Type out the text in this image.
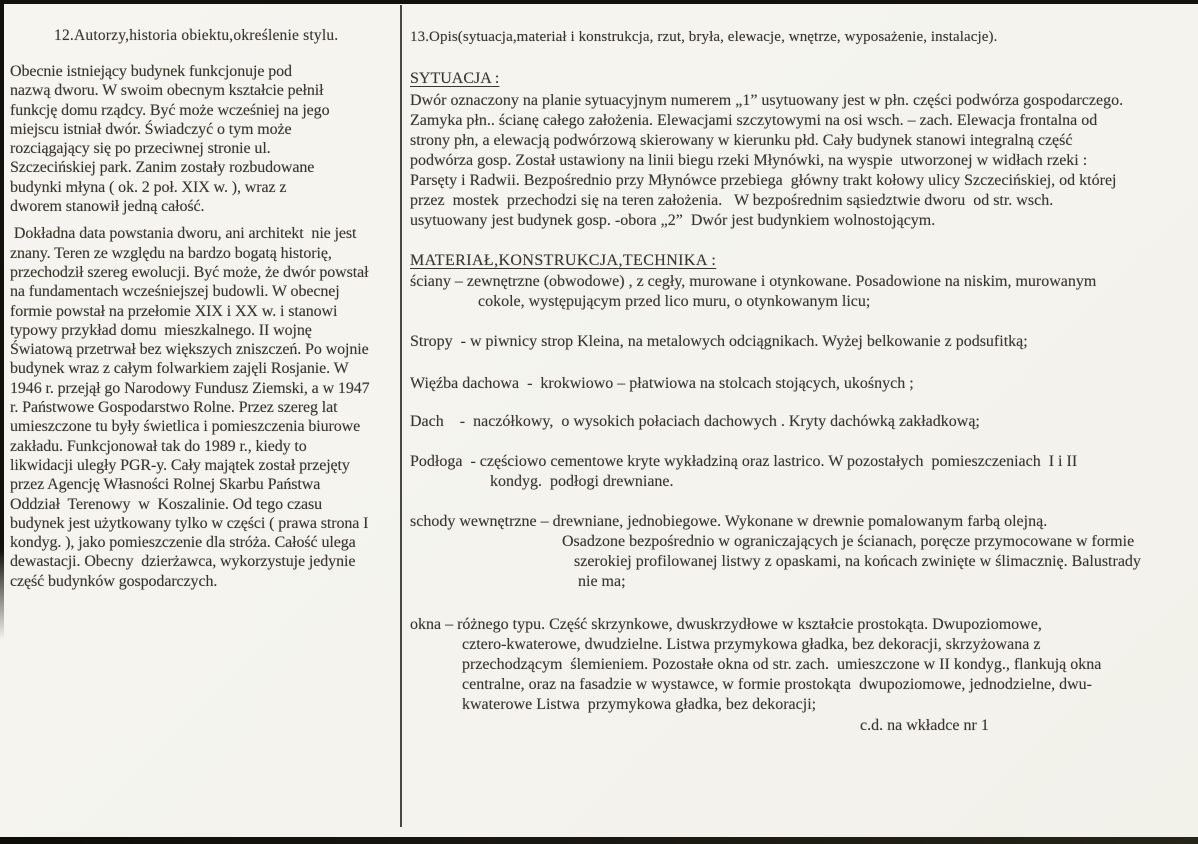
12.Autorzy,historia obiektu,określenie stylu.
Obecnie istniejący budynek funkcjonuje pod
nazwą dworu. W swoim obecnym kształcie pełnił
funkcję domu rządcy. Być może wcześniej na jego
miejscu istniał dwór. Świadczyć o tym może
rozciągający się po przeciwnej stronie ul.
Szczecińskiej park. Zanim zostały rozbudowane
budynki młyna ( ok. 2 poł. XIX w. ), wraz z
dworem stanowił jedną całość.
Dokładna data powstania dworu, ani architekt  nie jest
znany. Teren ze względu na bardzo bogatą historię,
przechodził szereg ewolucji. Być może, że dwór powstał
na fundamentach wcześniejszej budowli. W obecnej
formie powstał na przełomie XIX i XX w. i stanowi
typowy przykład domu  mieszkalnego. II wojnę
Światową przetrwał bez większych zniszczeń. Po wojnie
budynek wraz z całym folwarkiem zajęli Rosjanie. W
1946 r. przejął go Narodowy Fundusz Ziemski, a w 1947
r. Państwowe Gospodarstwo Rolne. Przez szereg lat
umieszczone tu były świetlica i pomieszczenia biurowe
zakładu. Funkcjonował tak do 1989 r., kiedy to
likwidacji uległy PGR-y. Cały majątek został przejęty
przez Agencję Własności Rolnej Skarbu Państwa
Oddział  Terenowy  w  Koszalinie. Od tego czasu
budynek jest użytkowany tylko w części ( prawa strona I
kondyg. ), jako pomieszczenie dla stróża. Całość ulega
dewastacji. Obecny  dzierżawca, wykorzystuje jedynie
część budynków gospodarczych.
13.Opis(sytuacja,materiał i konstrukcja, rzut, bryła, elewacje, wnętrze, wyposażenie, instalacje).
SYTUACJA :
Dwór oznaczony na planie sytuacyjnym numerem „1” usytuowany jest w płn. części podwórza gospodarczego.
Zamyka płn.. ścianę całego założenia. Elewacjami szczytowymi na osi wsch. – zach. Elewacja frontalna od
strony płn, a elewacją podwórzową skierowany w kierunku płd. Cały budynek stanowi integralną część
podwórza gosp. Został ustawiony na linii biegu rzeki Młynówki, na wyspie  utworzonej w widłach rzeki :
Parsęty i Radwii. Bezpośrednio przy Młynówce przebiega  główny trakt kołowy ulicy Szczecińskiej, od której
przez  mostek  przechodzi się na teren założenia.   W bezpośrednim sąsiedztwie dworu  od str. wsch.
usytuowany jest budynek gosp. -obora „2”  Dwór jest budynkiem wolnostojącym.
MATERIAŁ,KONSTRUKCJA,TECHNIKA :
ściany – zewnętrzne (obwodowe) , z cegły, murowane i otynkowane. Posadowione na niskim, murowanym
cokole, występującym przed lico muru, o otynkowanym licu;
Stropy  - w piwnicy strop Kleina, na metalowych odciągnikach. Wyżej belkowanie z podsufitką;
Więźba dachowa  -  krokwiowo – płatwiowa na stolcach stojących, ukośnych ;
Dach    -  naczółkowy,  o wysokich połaciach dachowych . Kryty dachówką zakładkową;
Podłoga  - częściowo cementowe kryte wykładziną oraz lastrico. W pozostałych  pomieszczeniach  I i II
kondyg.  podłogi drewniane.
schody wewnętrzne – drewniane, jednobiegowe. Wykonane w drewnie pomalowanym farbą olejną.
Osadzone bezpośrednio w ograniczających je ścianach, poręcze przymocowane w formie
szerokiej profilowanej listwy z opaskami, na końcach zwinięte w ślimacznię. Balustrady
nie ma;
okna – różnego typu. Część skrzynkowe, dwuskrzydłowe w kształcie prostokąta. Dwupoziomowe,
cztero-kwaterowe, dwudzielne. Listwa przymykowa gładka, bez dekoracji, skrzyżowana z
przechodzącym  ślemieniem. Pozostałe okna od str. zach.  umieszczone w II kondyg., flankują okna
centralne, oraz na fasadzie w wystawce, w formie prostokąta  dwupoziomowe, jednodzielne, dwu-
kwaterowe Listwa  przymykowa gładka, bez dekoracji;
c.d. na wkładce nr 1
